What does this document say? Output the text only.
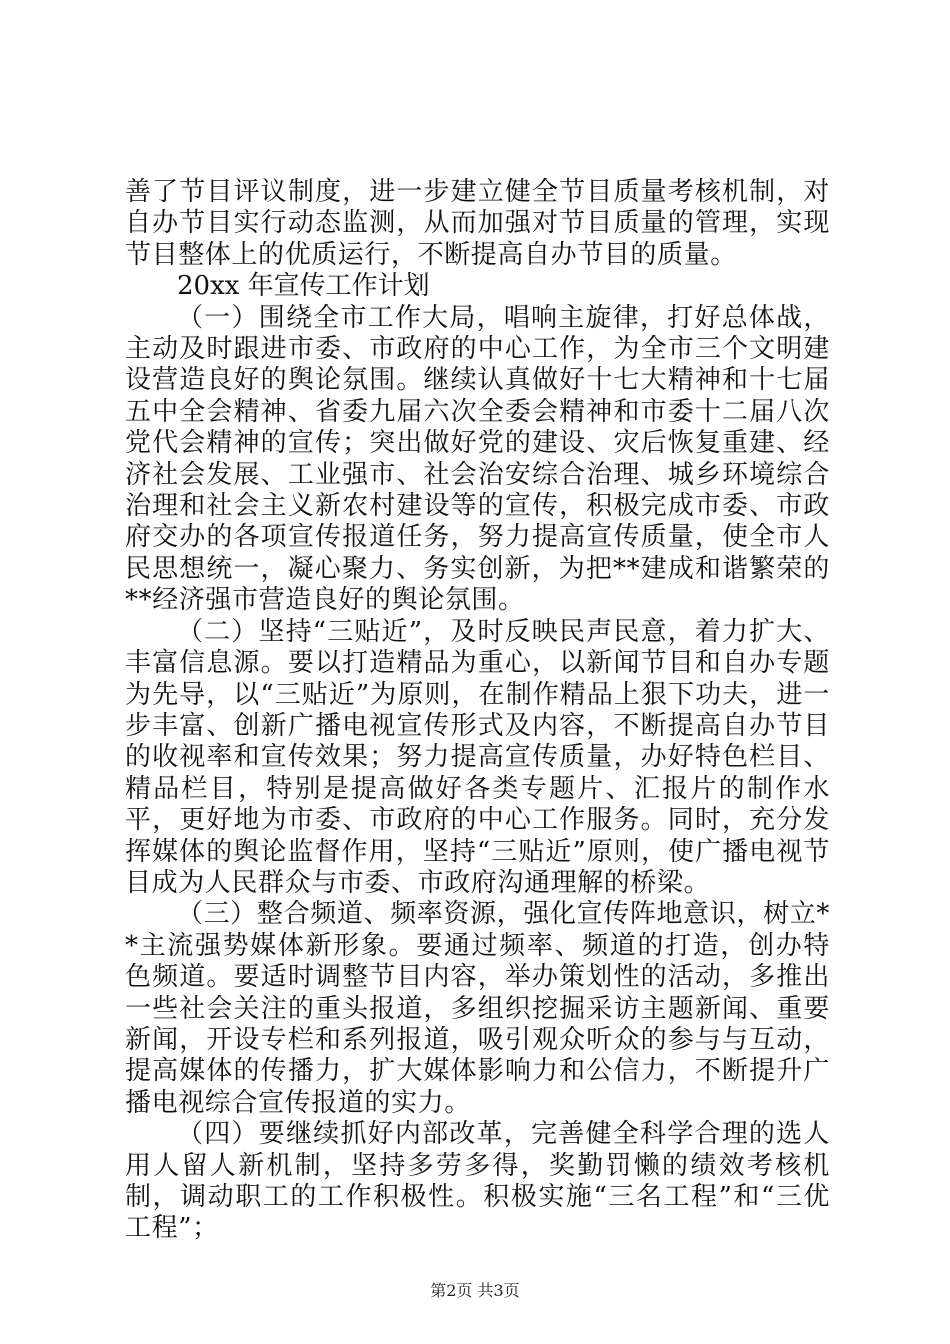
善了节目评议制度，进一步建立健全节目质量考核机制，对自办节目实行动态监测，从而加强对节目质量的管理，实现节目整体上的优质运行，不断提高自办节目的质量。

20xx 年宣传工作计划

（一）围绕全市工作大局，唱响主旋律，打好总体战，主动及时跟进市委、市政府的中心工作，为全市三个文明建设营造良好的舆论氛围。继续认真做好十七大精神和十七届五中全会精神、省委九届六次全委会精神和市委十二届八次党代会精神的宣传；突出做好党的建设、灾后恢复重建、经济社会发展、工业强市、社会治安综合治理、城乡环境综合治理和社会主义新农村建设等的宣传，积极完成市委、市政府交办的各项宣传报道任务，努力提高宣传质量，使全市人民思想统一，凝心聚力、务实创新，为把**建成和谐繁荣的**经济强市营造良好的舆论氛围。

（二）坚持“三贴近”，及时反映民声民意，着力扩大、丰富信息源。要以打造精品为重心，以新闻节目和自办专题为先导，以“三贴近”为原则，在制作精品上狠下功夫，进一步丰富、创新广播电视宣传形式及内容，不断提高自办节目的收视率和宣传效果；努力提高宣传质量，办好特色栏目、精品栏目，特别是提高做好各类专题片、汇报片的制作水平，更好地为市委、市政府的中心工作服务。同时，充分发挥媒体的舆论监督作用，坚持“三贴近”原则，使广播电视节目成为人民群众与市委、市政府沟通理解的桥梁。

（三）整合频道、频率资源，强化宣传阵地意识，树立**主流强势媒体新形象。要通过频率、频道的打造，创办特色频道。要适时调整节目内容，举办策划性的活动，多推出一些社会关注的重头报道，多组织挖掘采访主题新闻、重要新闻，开设专栏和系列报道，吸引观众听众的参与与互动，提高媒体的传播力，扩大媒体影响力和公信力，不断提升广播电视综合宣传报道的实力。

（四）要继续抓好内部改革，完善健全科学合理的选人用人留人新机制，坚持多劳多得，奖勤罚懒的绩效考核机制，调动职工的工作积极性。积极实施“三名工程”和“三优工程”；

第2页 共3页
